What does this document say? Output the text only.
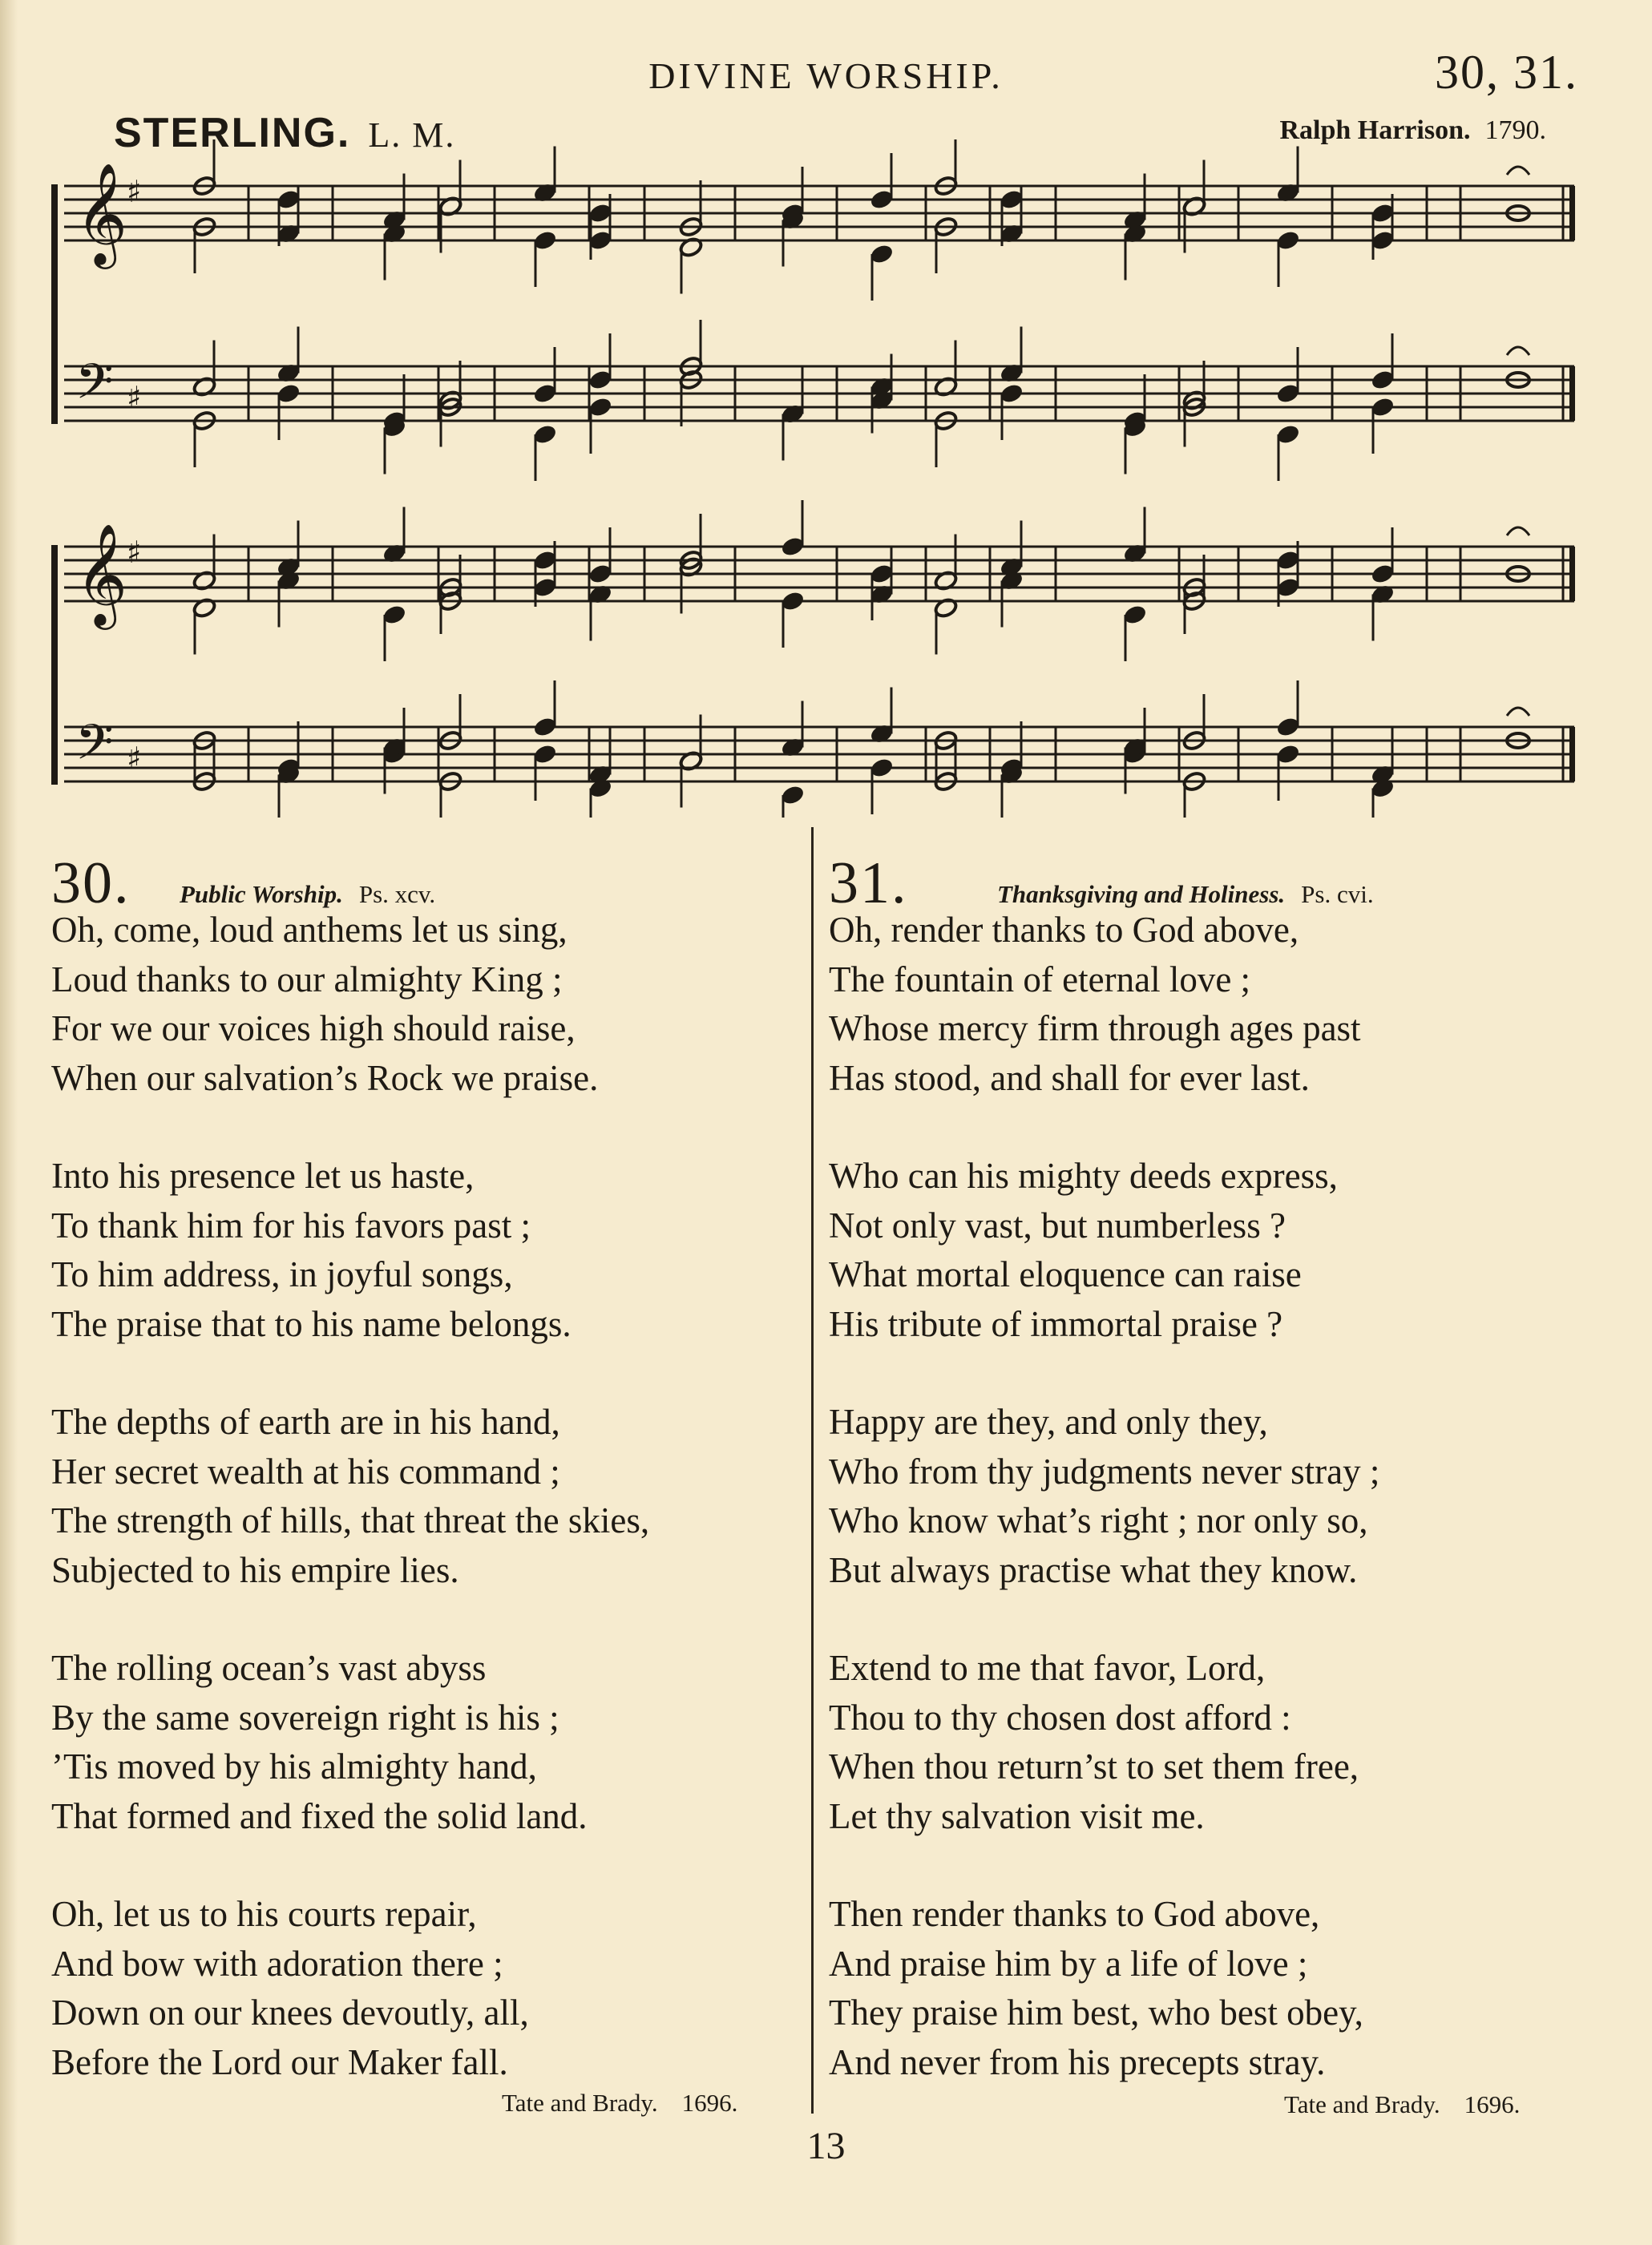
DIVINE WORSHIP.	30, 31.
STERLING. L. M.	Ralph Harrison. 1790.
𝄞
♯
𝄢 ♯
𝄞
♯
𝄢 ♯
30.	Public Worship. Ps. xcv.

Oh, come, loud anthems let us sing,
Loud thanks to our almighty King ;
For we our voices high should raise,
When our salvation’s Rock we praise.

Into his presence let us haste,
To thank him for his favors past ;
To him address, in joyful songs,
The praise that to his name belongs.

The depths of earth are in his hand,
Her secret wealth at his command ;
The strength of hills, that threat the skies,
Subjected to his empire lies.

The rolling ocean’s vast abyss
By the same sovereign right is his ;
’Tis moved by his almighty hand,
That formed and fixed the solid land.

Oh, let us to his courts repair,
And bow with adoration there ;
Down on our knees devoutly, all,
Before the Lord our Maker fall.

Tate and Brady. 1696.
31.	Thanksgiving and Holiness. Ps. cvi.

Oh, render thanks to God above,
The fountain of eternal love ;
Whose mercy firm through ages past
Has stood, and shall for ever last.

Who can his mighty deeds express,
Not only vast, but numberless ?
What mortal eloquence can raise
His tribute of immortal praise ?

Happy are they, and only they,
Who from thy judgments never stray ;
Who know what’s right ; nor only so,
But always practise what they know.

Extend to me that favor, Lord,
Thou to thy chosen dost afford :
When thou return’st to set them free,
Let thy salvation visit me.

Then render thanks to God above,
And praise him by a life of love ;
They praise him best, who best obey,
And never from his precepts stray.

Tate and Brady. 1696.
13
